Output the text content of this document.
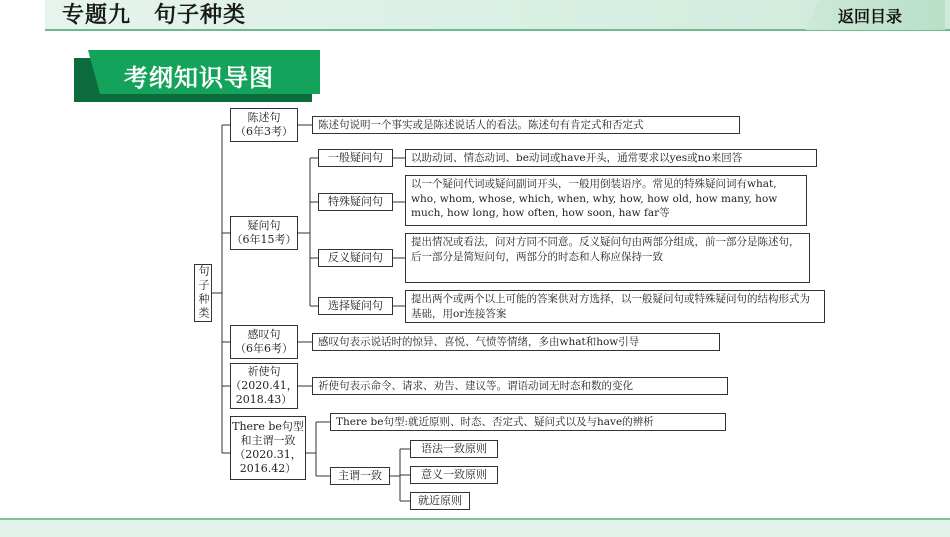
专题九　句子种类	返回目录
考纲知识导图
句子种类
陈述句
（6年3考）	陈述句说明一个事实或是陈述说话人的看法。陈述句有肯定式和否定式
疑问句
（6年15考）
一般疑问句	以助动词、情态动词、be动词或have开头，通常要求以yes或no来回答
特殊疑问句
以一个疑问代词或疑问副词开头，一般用倒装语序。常见的特殊疑问词有what, who, whom, whose, which, when, why, how, how old, how many, how much, how long, how often, how soon, haw far等
反义疑问句
提出情况或看法，问对方同不同意。反义疑问句由两部分组成，前一部分是陈述句，后一部分是简短问句，两部分的时态和人称应保持一致
选择疑问句	提出两个或两个以上可能的答案供对方选择，以一般疑问句或特殊疑问句的结构形式为基础，用or连接答案
感叹句
（6年6考）	感叹句表示说话时的惊异、喜悦、气愤等情绪，多由what和how引导
祈使句
（2020.41，
2018.43）
祈使句表示命令、请求、劝告、建议等。谓语动词无时态和数的变化
There be句型
和主谓一致
（2020.31，
2016.42）
There be句型:就近原则、时态、否定式、疑问式以及与have的辨析
主谓一致
语法一致原则
意义一致原则
就近原则
